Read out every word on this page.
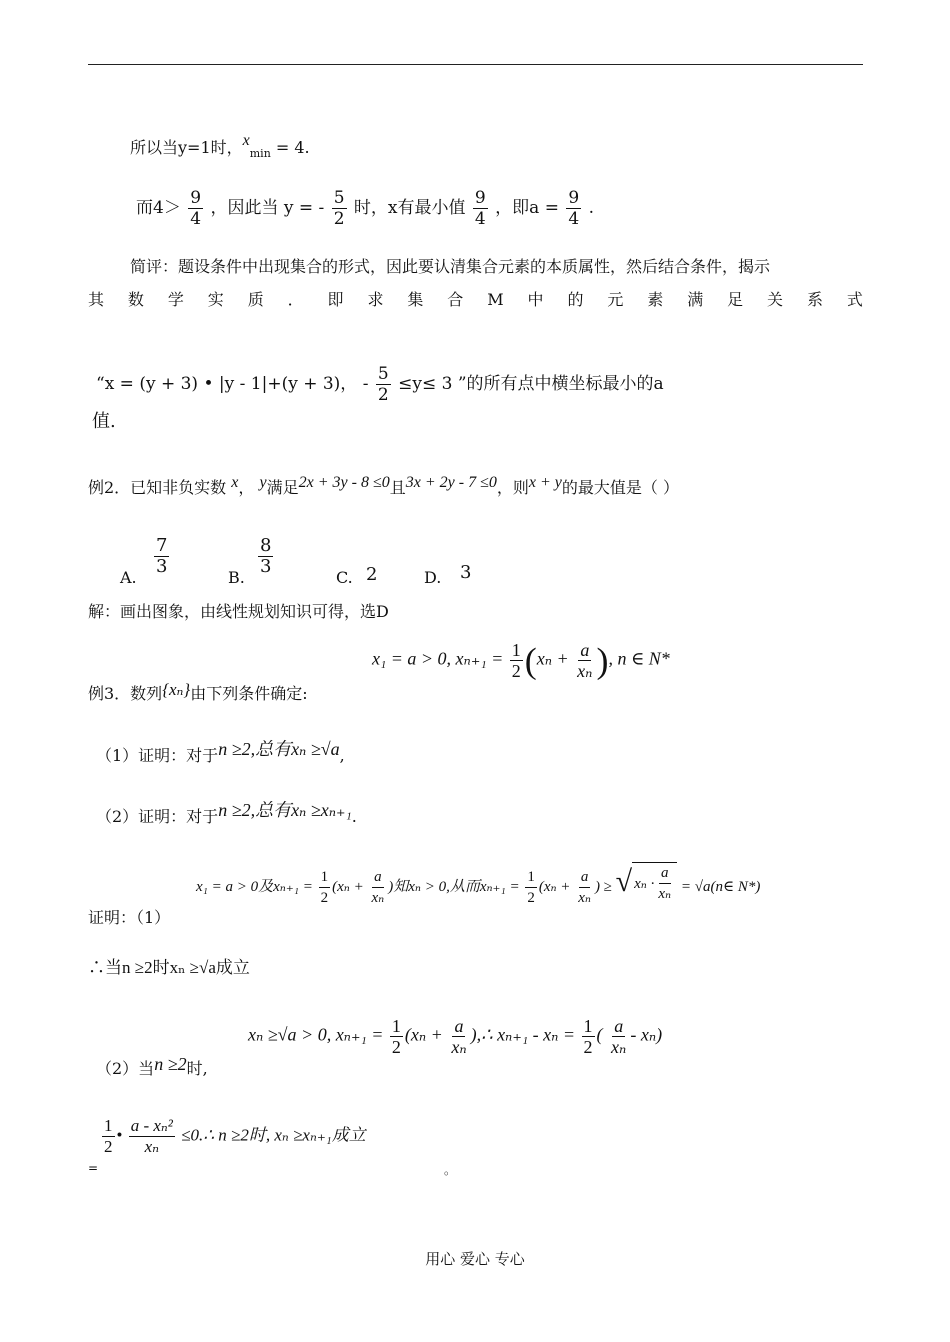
所以当y=1时，$x_{min} = 4$.
而$4> \frac{9}{4}$ ，因此当 y = - $\frac{5}{2}$ 时，x有最小值 $\frac{9}{4}$ ，即$a = \frac{9}{4}$ .
简评：题设条件中出现集合的形式，因此要认清集合元素的本质属性，然后结合条件，揭示
其 数 学 实 质 ． 即 求 集 合 M 中 的 元 素 满 足 关 系 式
“x = (y + 3) • |y - 1|+(y + 3)， - $\frac{5}{2} \le y\le 3$ ”的所有点中横坐标最小的a
值.
例2．已知非负实数 x， y满足2x + 3y - 8 ≤0且3x + 2y - 7 ≤0，则x + y的最大值是（ ）
A.
$\frac{7}{3}$
B.
$\frac{8}{3}$
C. 2	D. 3
解：画出图象，由线性规划知识可得，选D
例3．数列{xₙ}由下列条件确定:
x₁ = a > 0, $x_{n+1} = \frac{1}{2} (x_n + \frac{a}{\text{xₙ}}$ ), n ∈ N*
（1）证明：对于n ≥2,总有xₙ ≥√a,
（2）证明：对于n ≥2,总有xₙ ≥xₙ₊₁.
证明：（1）
x₁ = a > 0及$x_{n+1} = \frac{1}{2} (x_n + \frac{a}{\text{xₙ}}$ )知xₙ > 0,从而$x_{n+1} = \frac{1}{2} (x_n + \frac{a}{\text{xₙ}}$ ) ≥ √ $x_n \cdot \frac{a}{\text{xₙ}}$ = √a(n∈ N*)
∴当n ≥2时xₙ ≥√a成立
（2）当n ≥2时,
xₙ ≥√a > 0, $x_{n+1} = \frac{1}{2} (x_n + \frac{a}{\text{xₙ}}$ ),∴ $x_{n+1} - x_n = \frac{1}{2}$ ( $\frac{a}{\text{xₙ}} - x_n$)
=
$\frac{1}{2}$ • $\frac{\text{a - xₙ²}}{\text{xₙ}}$ ≤0.∴ n ≥2时, xₙ ≥xₙ₊₁成立
。
用心 爱心 专心
